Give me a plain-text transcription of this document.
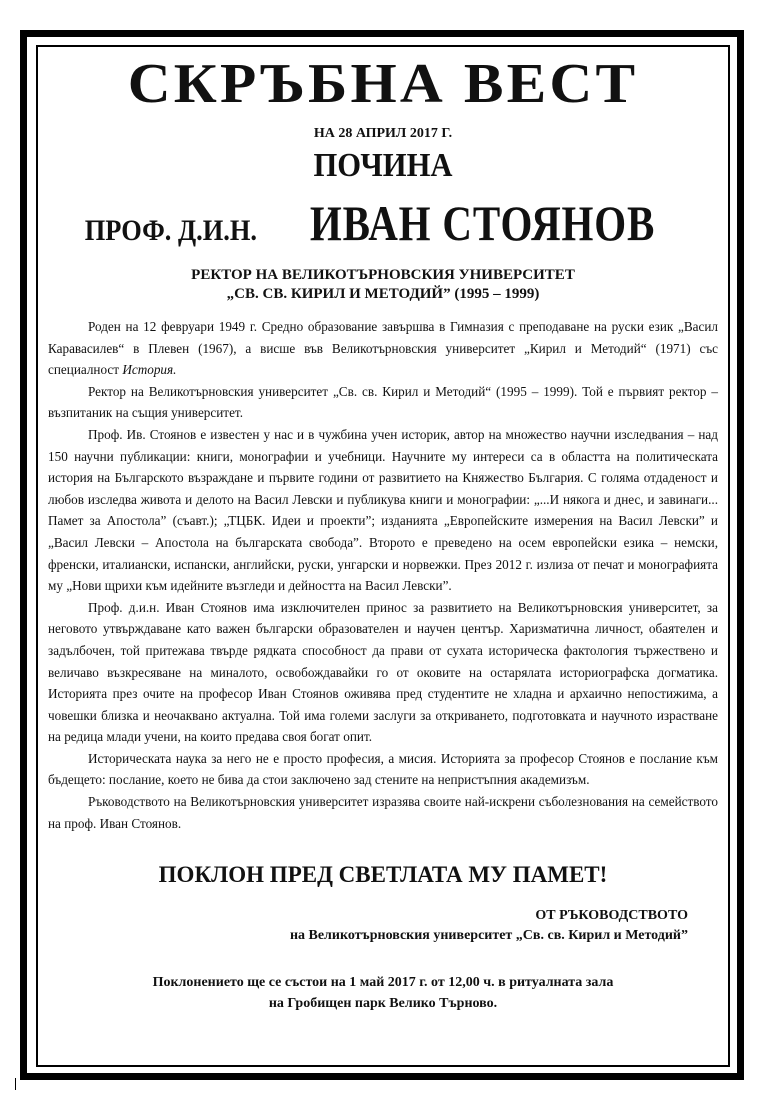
СКРЪБНА ВЕСТ
НА 28 АПРИЛ 2017 Г.
ПОЧИНА
ПРОФ. Д.И.Н. ИВАН СТОЯНОВ
РЕКТОР НА ВЕЛИКОТЪРНОВСКИЯ УНИВЕРСИТЕТ
„СВ. СВ. КИРИЛ И МЕТОДИЙ” (1995 – 1999)

Роден на 12 февруари 1949 г. Средно образование завършва в Гимназия с преподаване на руски език „Васил Каравасилев“ в Плевен (1967), а висше във Великотърновския университет „Кирил и Методий“ (1971) със специалност История.

Ректор на Великотърновския университет „Св. св. Кирил и Методий“ (1995 – 1999). Той е първият ректор – възпитаник на същия университет.

Проф. Ив. Стоянов е известен у нас и в чужбина учен историк, автор на множество научни изследвания – над 150 научни публикации: книги, монографии и учебници. Научните му интереси са в областта на политическата история на Българското възраждане и първите години от развитието на Княжество България. С голяма отдаденост и любов изследва живота и делото на Васил Левски и публикува книги и монографии: „...И някога и днес, и завинаги... Памет за Апостола” (съавт.); „ТЦБК. Идеи и проекти”; изданията „Европейските измерения на Васил Левски” и „Васил Левски – Апостола на българската свобода”. Второто е преведено на осем европейски езика – немски, френски, италиански, испански, английски, руски, унгарски и норвежки. През 2012 г. излиза от печат и монографията му „Нови щрихи към идейните възгледи и дейността на Васил Левски”.

Проф. д.и.н. Иван Стоянов има изключителен принос за развитието на Великотърновския университет, за неговото утвърждаване като важен български образователен и научен център. Харизматична личност, обаятелен и задълбочен, той притежава твърде рядката способност да прави от сухата историческа фактология тържествено и величаво възкресяване на миналото, освобождавайки го от оковите на остарялата историографска догматика. Историята през очите на професор Иван Стоянов оживява пред студентите не хладна и архаично непостижима, а човешки близка и неочаквано актуална. Той има големи заслуги за откриването, подготовката и научното израстване на редица млади учени, на които предава своя богат опит.

Историческата наука за него не е просто професия, а мисия. Историята за професор Стоянов е послание към бъдещето: послание, което не бива да стои заключено зад стените на непристъпния академизъм.

Ръководството на Великотърновския университет изразява своите най-искрени съболезнования на семейството на проф. Иван Стоянов.

ПОКЛОН ПРЕД СВЕТЛАТА МУ ПАМЕТ!
ОТ РЪКОВОДСТВОТО
на Великотърновския университет „Св. св. Кирил и Методий”
Поклонението ще се състои на 1 май 2017 г. от 12,00 ч. в ритуалната зала
на Гробищен парк Велико Търново.
